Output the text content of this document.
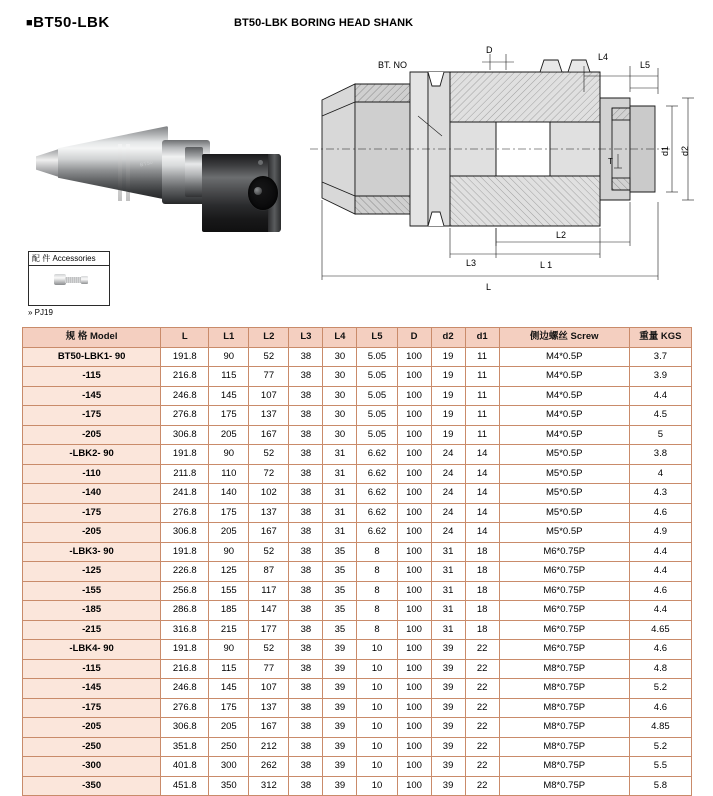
■BT50-LBK	BT50-LBK BORING HEAD SHANK
BT50
配 件 Accessories
» PJ19
BT. NO
D
L4
L5
d1 d2
L2
L3	L 1
L
T
规 格 Model	L	L1	L2	L3	L4	L5	D	d2	d1	侧边螺丝 Screw	重量 KGS
BT50-LBK1- 90	191.8	90	52	38	30	5.05	100	19	11	M4*0.5P	3.7
-115	216.8	115	77	38	30	5.05	100	19	11	M4*0.5P	3.9
-145	246.8	145	107	38	30	5.05	100	19	11	M4*0.5P	4.4
-175	276.8	175	137	38	30	5.05	100	19	11	M4*0.5P	4.5
-205	306.8	205	167	38	30	5.05	100	19	11	M4*0.5P	5
-LBK2- 90	191.8	90	52	38	31	6.62	100	24	14	M5*0.5P	3.8
-110	211.8	110	72	38	31	6.62	100	24	14	M5*0.5P	4
-140	241.8	140	102	38	31	6.62	100	24	14	M5*0.5P	4.3
-175	276.8	175	137	38	31	6.62	100	24	14	M5*0.5P	4.6
-205	306.8	205	167	38	31	6.62	100	24	14	M5*0.5P	4.9
-LBK3- 90	191.8	90	52	38	35	8	100	31	18	M6*0.75P	4.4
-125	226.8	125	87	38	35	8	100	31	18	M6*0.75P	4.4
-155	256.8	155	117	38	35	8	100	31	18	M6*0.75P	4.6
-185	286.8	185	147	38	35	8	100	31	18	M6*0.75P	4.4
-215	316.8	215	177	38	35	8	100	31	18	M6*0.75P	4.65
-LBK4- 90	191.8	90	52	38	39	10	100	39	22	M6*0.75P	4.6
-115	216.8	115	77	38	39	10	100	39	22	M8*0.75P	4.8
-145	246.8	145	107	38	39	10	100	39	22	M8*0.75P	5.2
-175	276.8	175	137	38	39	10	100	39	22	M8*0.75P	4.6
-205	306.8	205	167	38	39	10	100	39	22	M8*0.75P	4.85
-250	351.8	250	212	38	39	10	100	39	22	M8*0.75P	5.2
-300	401.8	300	262	38	39	10	100	39	22	M8*0.75P	5.5
-350	451.8	350	312	38	39	10	100	39	22	M8*0.75P	5.8
